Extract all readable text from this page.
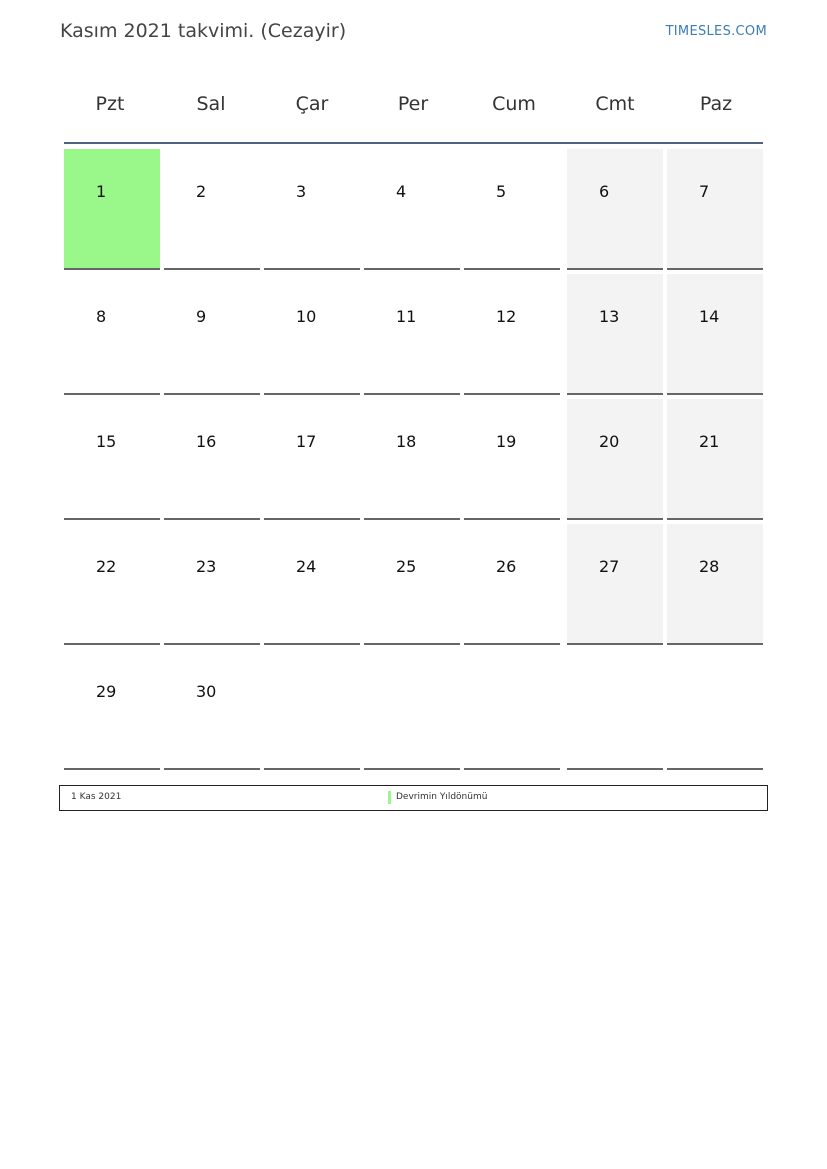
Kasım 2021 takvimi. (Cezayir)	TIMESLES.COM
Pzt	Sal	Çar	Per	Cum	Cmt	Paz
1	2	3	4	5	6	7
8	9	10	11	12	13	14
15	16	17	18	19	20	21
22	23	24	25	26	27	28
29	30
1 Kas 2021	Devrimin Yıldönümü
